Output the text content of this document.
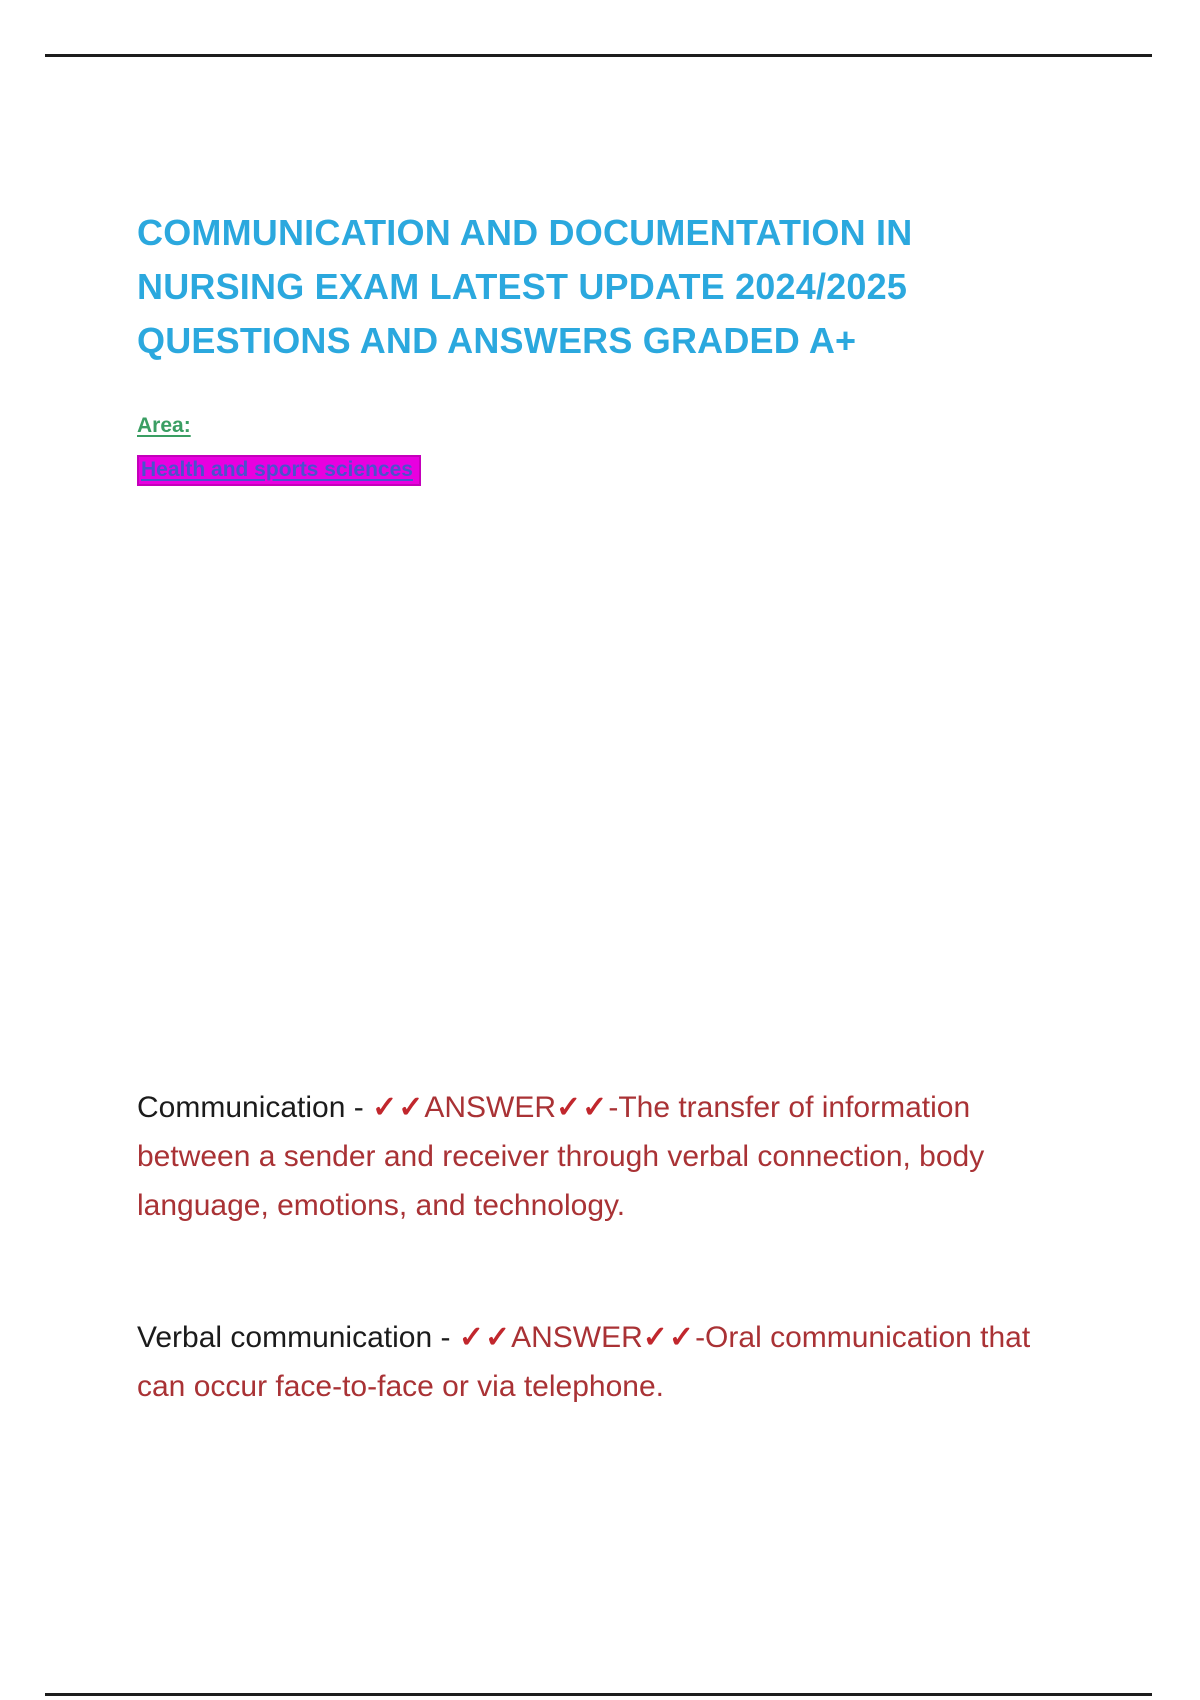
COMMUNICATION AND DOCUMENTATION IN
NURSING EXAM LATEST UPDATE 2024/2025
QUESTIONS AND ANSWERS GRADED A+
Area:
Health and sports sciences
Communication - ✓✓ANSWER✓✓-The transfer of information between a sender and receiver through verbal connection, body language, emotions, and technology.
Verbal communication - ✓✓ANSWER✓✓-Oral communication that can occur face-to-face or via telephone.
